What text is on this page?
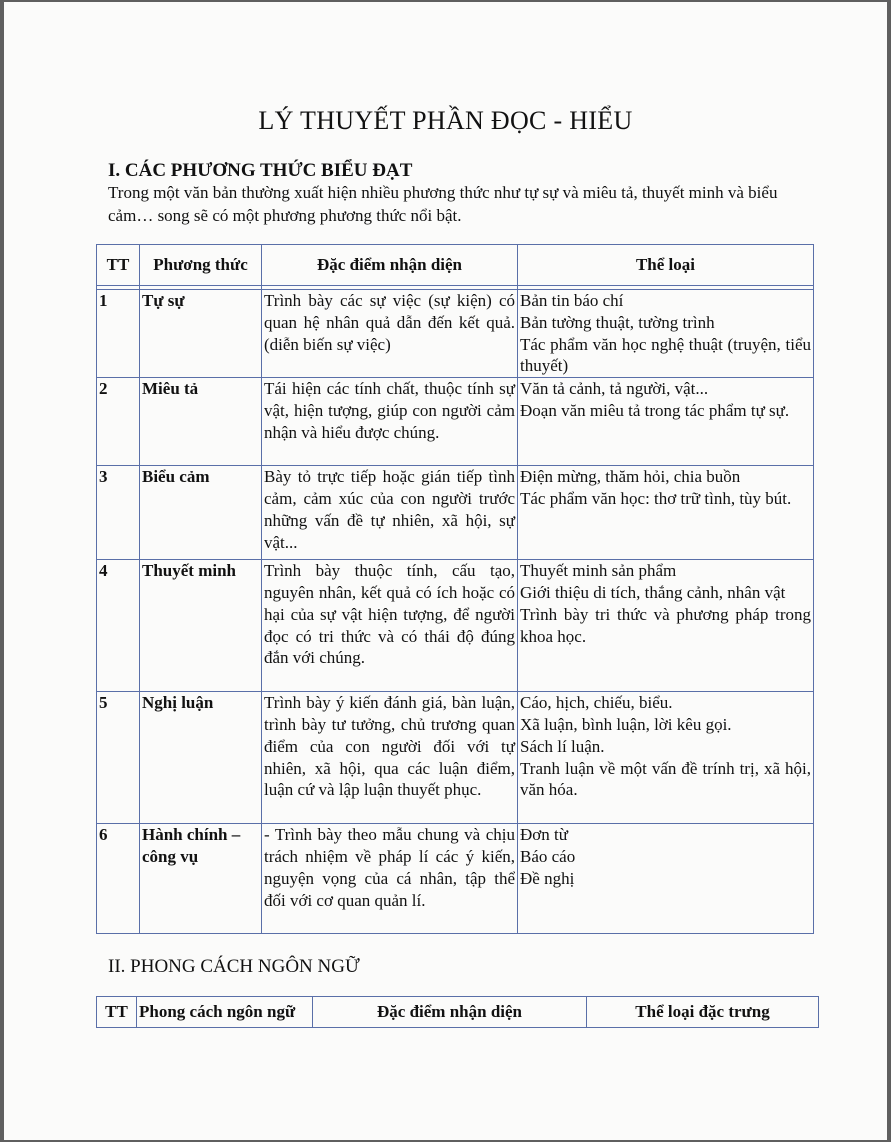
LÝ THUYẾT PHẦN ĐỌC - HIỂU
I. CÁC PHƯƠNG THỨC BIỂU ĐẠT
Trong một văn bản thường xuất hiện nhiều phương thức như tự sự và miêu tả, thuyết minh và biểu cảm… song sẽ có một phương phương thức nổi bật.
TT	Phương thức	Đặc điểm nhận diện	Thể loại

1	Tự sự	Trình bày các sự việc (sự kiện) có quan hệ nhân quả dẫn đến kết quả. (diễn biến sự việc)	Bản tin báo chí
Bản tường thuật, tường trình
Tác phẩm văn học nghệ thuật (truyện, tiểu thuyết)

2	Miêu tả	Tái hiện các tính chất, thuộc tính sự vật, hiện tượng, giúp con người cảm nhận và hiểu được chúng.	Văn tả cảnh, tả người, vật...
Đoạn văn miêu tả trong tác phẩm tự sự.

3	Biểu cảm	Bày tỏ trực tiếp hoặc gián tiếp tình cảm, cảm xúc của con người trước những vấn đề tự nhiên, xã hội, sự vật...	Điện mừng, thăm hỏi, chia buồn
Tác phẩm văn học: thơ trữ tình, tùy bút.

4	Thuyết minh	Trình bày thuộc tính, cấu tạo, nguyên nhân, kết quả có ích hoặc có hại của sự vật hiện tượng, để người đọc có tri thức và có thái độ đúng đắn với chúng.	Thuyết minh sản phẩm
Giới thiệu di tích, thắng cảnh, nhân vật
Trình bày tri thức và phương pháp trong khoa học.

5	Nghị luận	Trình bày ý kiến đánh giá, bàn luận, trình bày tư tưởng, chủ trương quan điểm của con người đối với tự nhiên, xã hội, qua các luận điểm, luận cứ và lập luận thuyết phục.	Cáo, hịch, chiếu, biểu.
Xã luận, bình luận, lời kêu gọi.
Sách lí luận.
Tranh luận về một vấn đề trính trị, xã hội, văn hóa.

6	Hành chính – công vụ	- Trình bày theo mẫu chung và chịu trách nhiệm về pháp lí các ý kiến, nguyện vọng của cá nhân, tập thể đối với cơ quan quản lí.	Đơn từ
Báo cáo
Đề nghị
II. PHONG CÁCH NGÔN NGỮ
TT	Phong cách ngôn ngữ	Đặc điểm nhận diện	Thể loại đặc trưng
